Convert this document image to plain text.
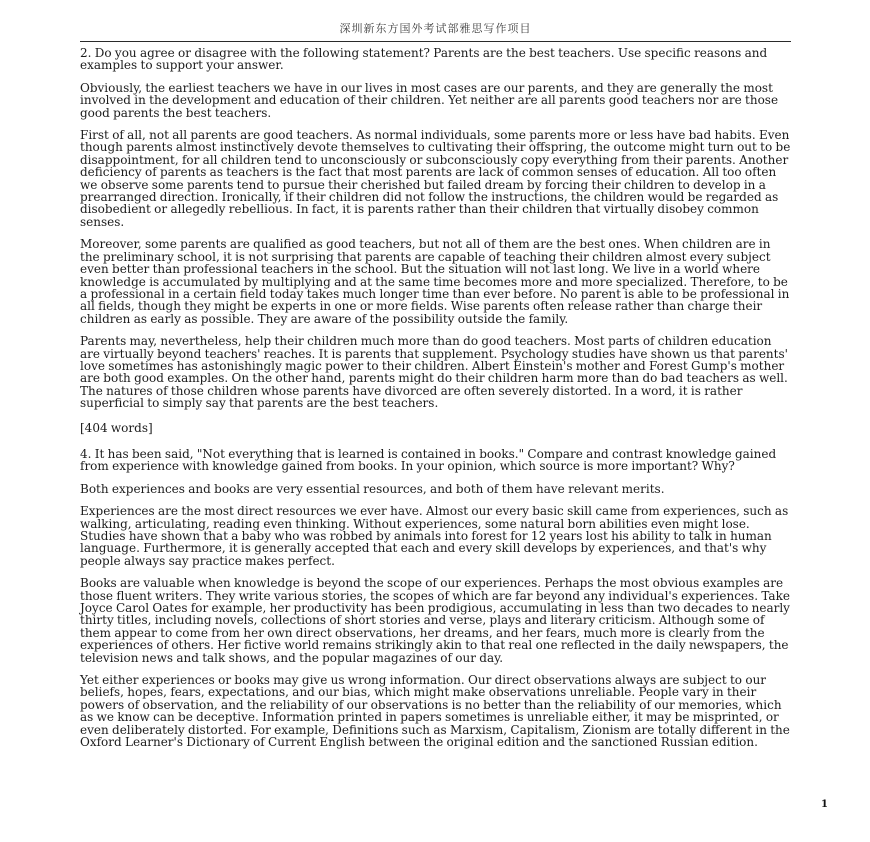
深圳新东方国外考试部雅思写作项目

2. Do you agree or disagree with the following statement? Parents are the best teachers. Use specific reasons and examples to support your answer.

Obviously, the earliest teachers we have in our lives in most cases are our parents, and they are generally the most involved in the development and education of their children. Yet neither are all parents good teachers nor are those good parents the best teachers.

First of all, not all parents are good teachers. As normal individuals, some parents more or less have bad habits. Even though parents almost instinctively devote themselves to cultivating their offspring, the outcome might turn out to be disappointment, for all children tend to unconsciously or subconsciously copy everything from their parents. Another deficiency of parents as teachers is the fact that most parents are lack of common senses of education. All too often we observe some parents tend to pursue their cherished but failed dream by forcing their children to develop in a prearranged direction. Ironically, if their children did not follow the instructions, the children would be regarded as disobedient or allegedly rebellious. In fact, it is parents rather than their children that virtually disobey common senses.

Moreover, some parents are qualified as good teachers, but not all of them are the best ones. When children are in the preliminary school, it is not surprising that parents are capable of teaching their children almost every subject even better than professional teachers in the school. But the situation will not last long. We live in a world where knowledge is accumulated by multiplying and at the same time becomes more and more specialized. Therefore, to be a professional in a certain field today takes much longer time than ever before. No parent is able to be professional in all fields, though they might be experts in one or more fields. Wise parents often release rather than charge their children as early as possible. They are aware of the possibility outside the family.

Parents may, nevertheless, help their children much more than do good teachers. Most parts of children education are virtually beyond teachers' reaches. It is parents that supplement. Psychology studies have shown us that parents' love sometimes has astonishingly magic power to their children. Albert Einstein's mother and Forest Gump's mother are both good examples. On the other hand, parents might do their children harm more than do bad teachers as well. The natures of those children whose parents have divorced are often severely distorted. In a word, it is rather superficial to simply say that parents are the best teachers.

[404 words]

4. It has been said, "Not everything that is learned is contained in books." Compare and contrast knowledge gained from experience with knowledge gained from books. In your opinion, which source is more important? Why?

Both experiences and books are very essential resources, and both of them have relevant merits.

Experiences are the most direct resources we ever have. Almost our every basic skill came from experiences, such as walking, articulating, reading even thinking. Without experiences, some natural born abilities even might lose. Studies have shown that a baby who was robbed by animals into forest for 12 years lost his ability to talk in human language. Furthermore, it is generally accepted that each and every skill develops by experiences, and that's why people always say practice makes perfect.

Books are valuable when knowledge is beyond the scope of our experiences. Perhaps the most obvious examples are those fluent writers. They write various stories, the scopes of which are far beyond any individual's experiences. Take Joyce Carol Oates for example, her productivity has been prodigious, accumulating in less than two decades to nearly thirty titles, including novels, collections of short stories and verse, plays and literary criticism. Although some of them appear to come from her own direct observations, her dreams, and her fears, much more is clearly from the experiences of others. Her fictive world remains strikingly akin to that real one reflected in the daily newspapers, the television news and talk shows, and the popular magazines of our day.

Yet either experiences or books may give us wrong information. Our direct observations always are subject to our beliefs, hopes, fears, expectations, and our bias, which might make observations unreliable. People vary in their powers of observation, and the reliability of our observations is no better than the reliability of our memories, which as we know can be deceptive. Information printed in papers sometimes is unreliable either, it may be misprinted, or even deliberately distorted. For example, Definitions such as Marxism, Capitalism, Zionism are totally different in the Oxford Learner's Dictionary of Current English between the original edition and the sanctioned Russian edition.

1
